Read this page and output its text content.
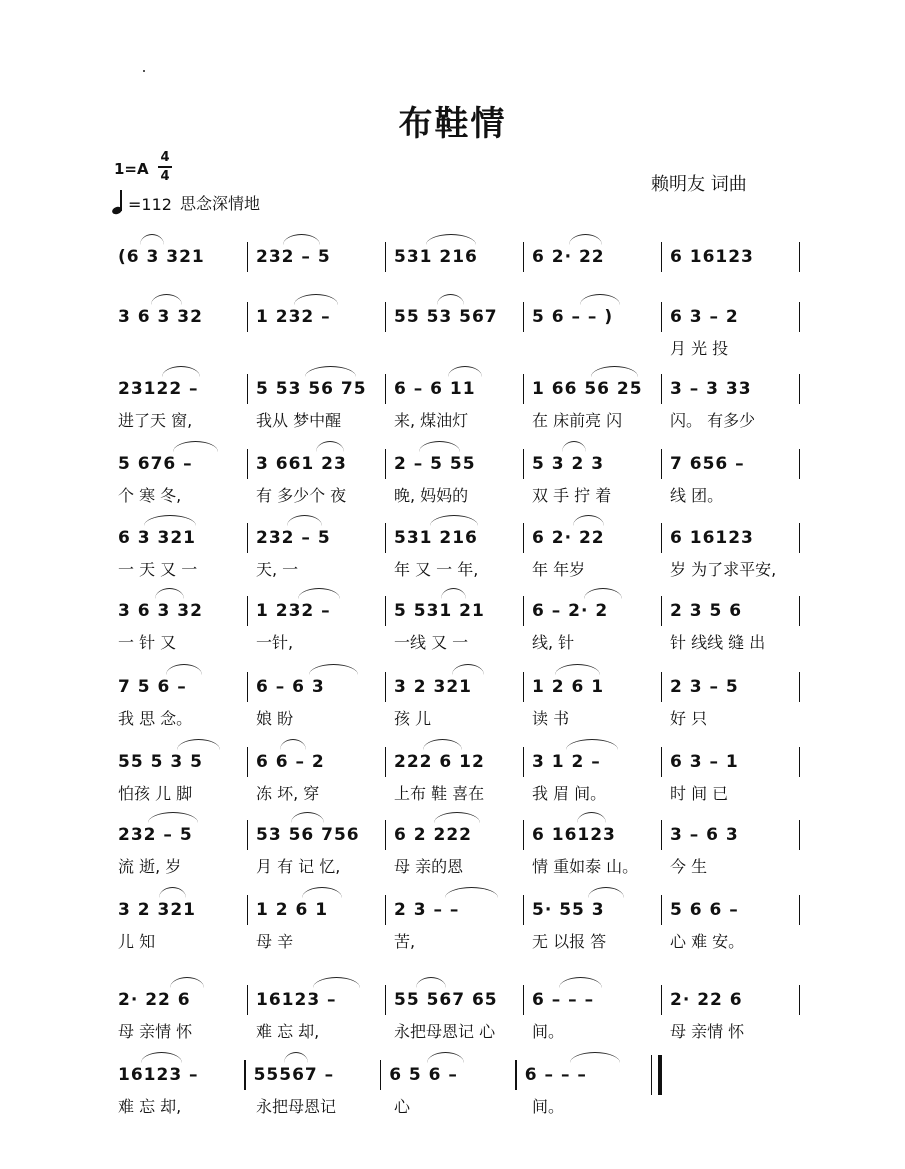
布鞋情
1=A
4
4
=112 思念深情地
赖明友 词曲
(6 3 321	232 – 5	531 216	6 2· 22	6 16123
3 6 3 32	1 232 –	55 53 567	5 6 – – )	6 3 – 2
月 光 投
23122 –	5 53 56 75	6 – 6 11	1 66 56 25	3 – 3 33
进了天 窗,	我从 梦中醒	来, 煤油灯	在 床前亮 闪	闪。 有多少
5 676 –	3 661 23	2 – 5 55	5 3 2 3	7 656 –
个 寒 冬,	有 多少个 夜	晚, 妈妈的	双 手 拧 着	线 团。
6 3 321	232 – 5	531 216	6 2· 22	6 16123
一 天 又 一	天, 一	年 又 一 年,	年 年岁	岁 为了求平安,
3 6 3 32	1 232 –	5 531 21	6 – 2· 2	2 3 5 6
一 针 又	一针,	一线 又 一	线, 针	针 线线 缝 出
7 5 6 –	6 – 6 3	3 2 321	1 2 6 1	2 3 – 5
我 思 念。	娘 盼	孩 儿	读 书	好 只
55 5 3 5	6 6 – 2	222 6 12	3 1 2 –	6 3 – 1
怕孩 儿 脚	冻 坏, 穿	上布 鞋 喜在	我 眉 间。	时 间 已
232 – 5	53 56 756	6 2 222	6 16123	3 – 6 3
流 逝, 岁	月 有 记 忆,	母 亲的恩	情 重如泰 山。	今 生
3 2 321	1 2 6 1	2 3 – –	5· 55 3	5 6 6 –
儿 知	母 辛	苦,	无 以报 答	心 难 安。
2· 22 6	16123 –	55 567 65	6 – – –	2· 22 6
母 亲情 怀	难 忘 却,	永把母恩记 心	间。	母 亲情 怀
16123 –	55567 –	6 5 6 –	6 – – –
难 忘 却,	永把母恩记	心	间。
